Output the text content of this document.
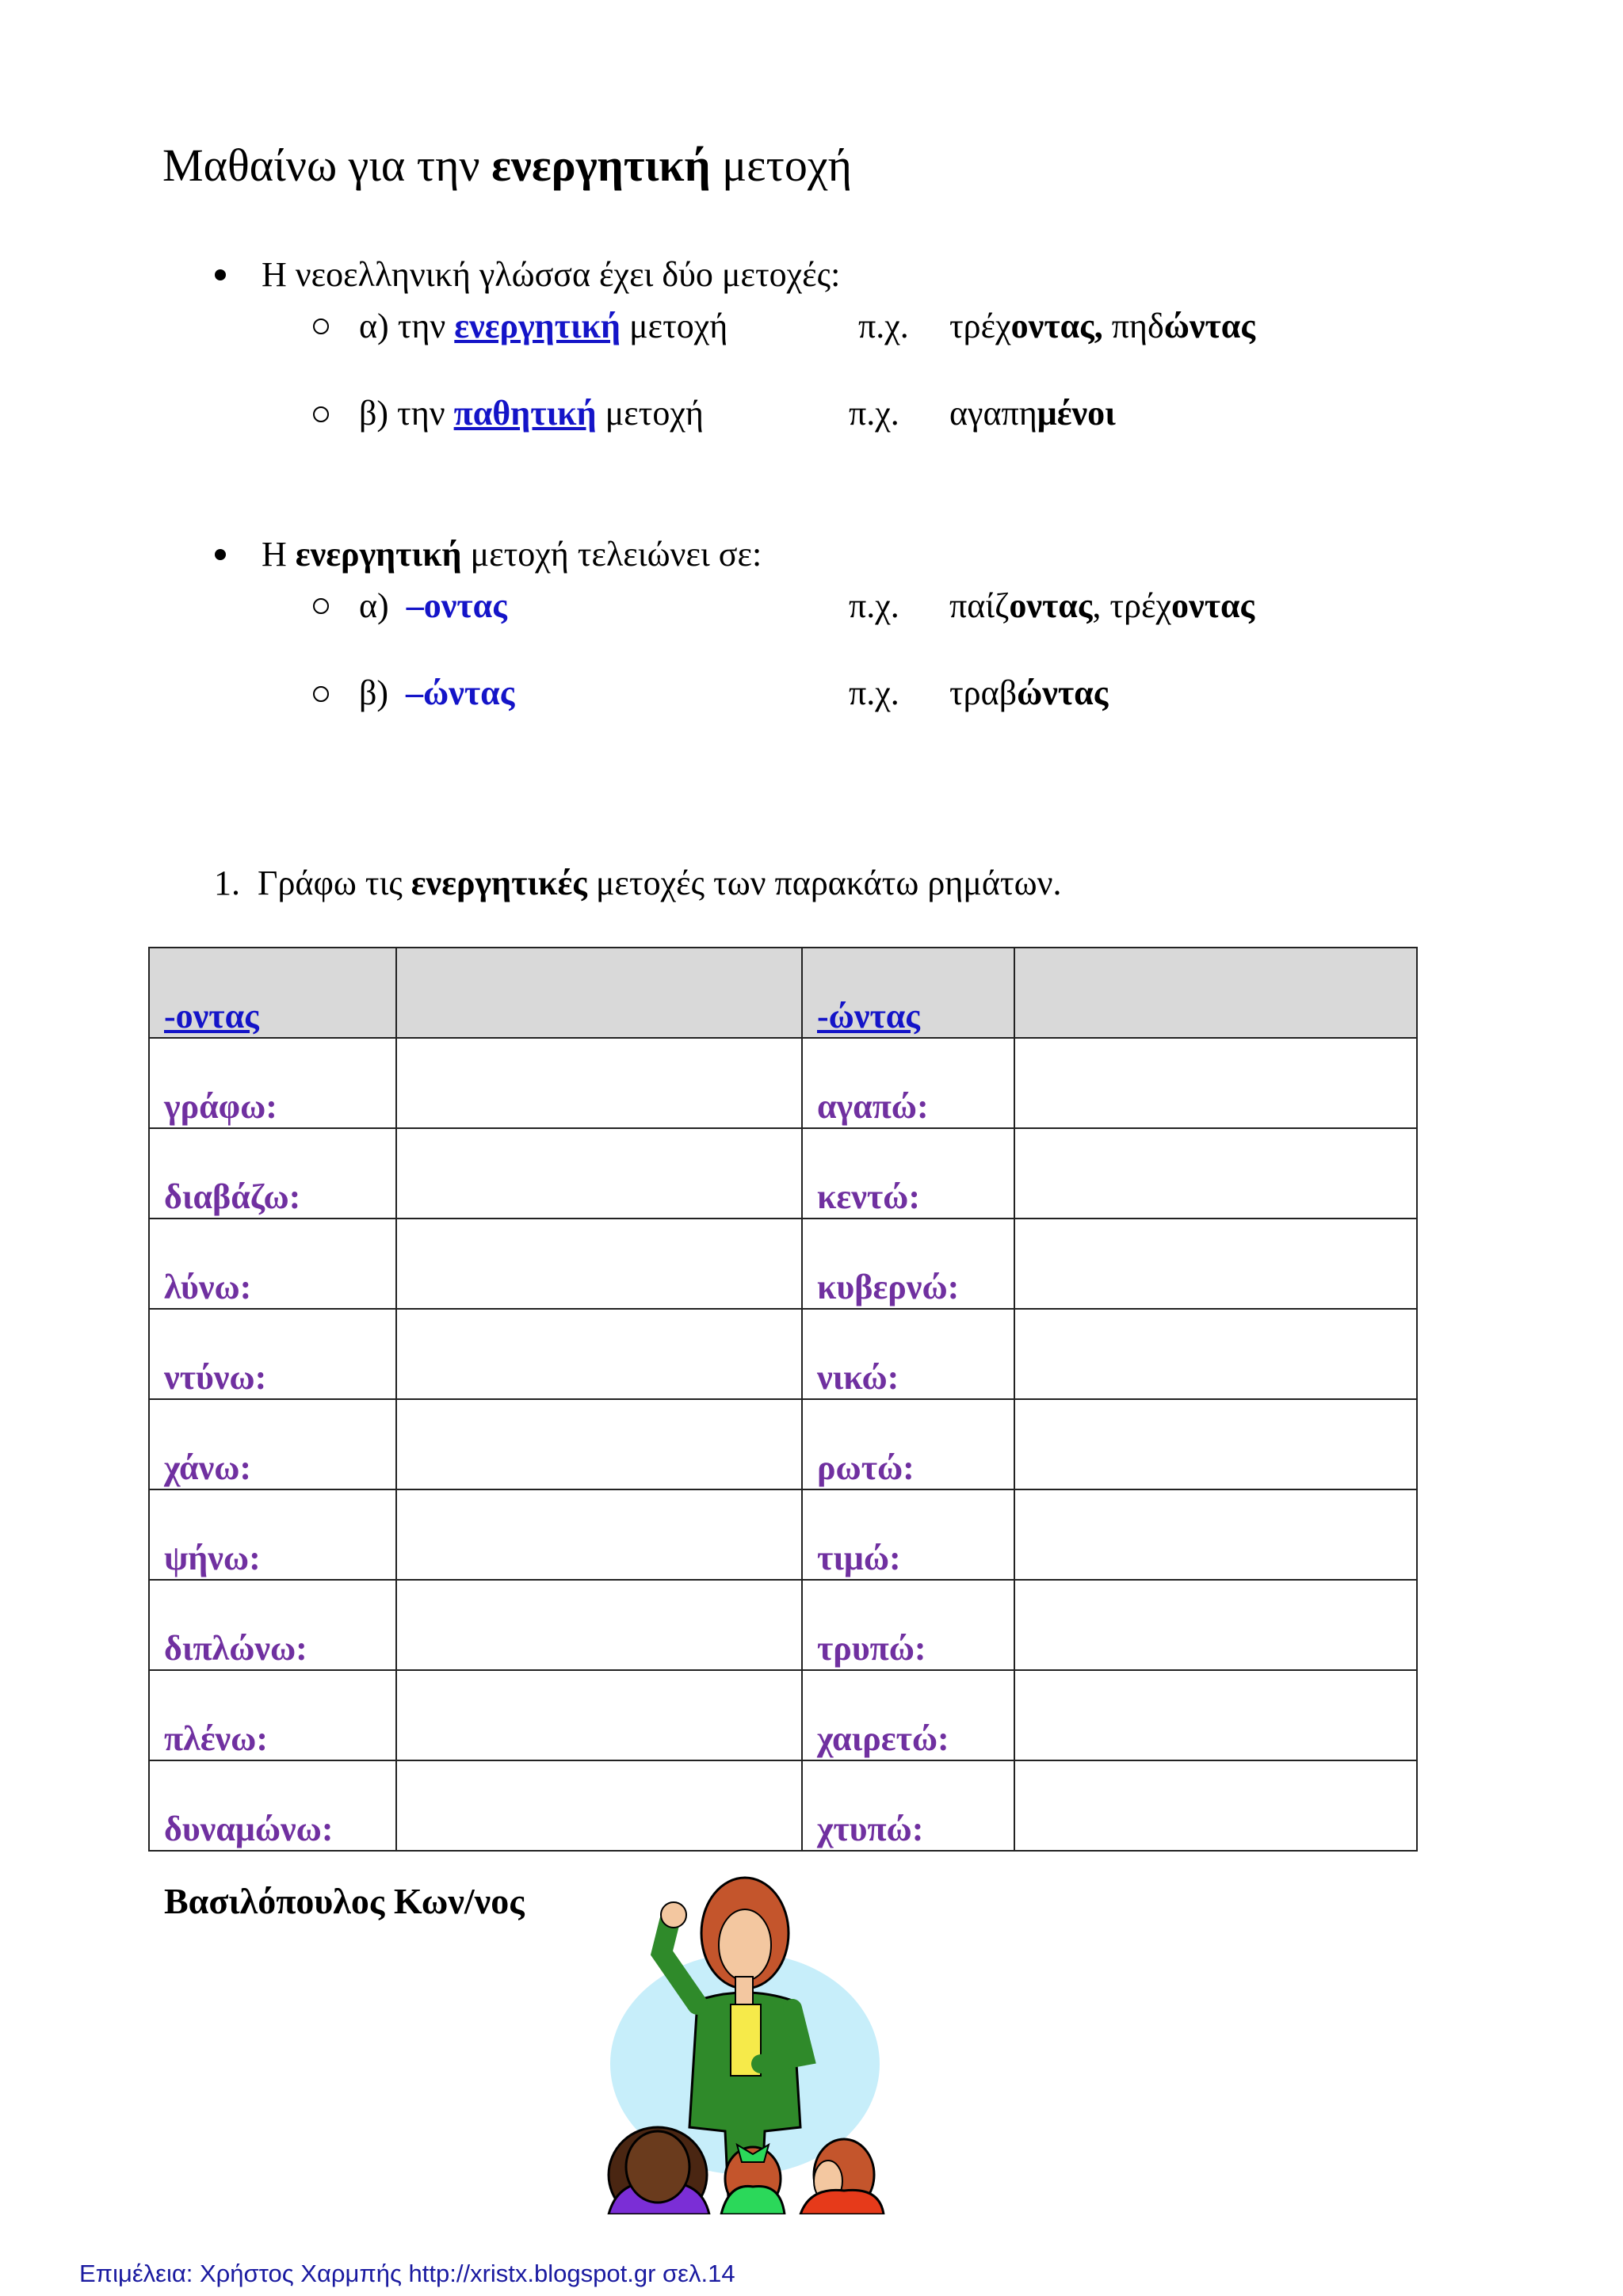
Μαθαίνω για την ενεργητική μετοχή
Η νεοελληνική γλώσσα έχει δύο μετοχές:
α) την ενεργητική μετοχή	π.χ. τρέχοντας, πηδώντας
β) την παθητική μετοχή	π.χ. αγαπημένοι
Η ενεργητική μετοχή τελειώνει σε:
α) –οντας	π.χ. παίζοντας, τρέχοντας
β) –ώντας	π.χ. τραβώντας
1. Γράφω τις ενεργητικές μετοχές των παρακάτω ρημάτων.
-οντας		-ώντας	
γράφω:		αγαπώ:	
διαβάζω:		κεντώ:	
λύνω:		κυβερνώ:	
ντύνω:		νικώ:	
χάνω:		ρωτώ:	
ψήνω:		τιμώ:	
διπλώνω:		τρυπώ:	
πλένω:		χαιρετώ:	
δυναμώνω:		χτυπώ:	
Βασιλόπουλος Κων/νος
Επιμέλεια: Χρήστος Χαρμπής http://xristx.blogspot.gr σελ.14
